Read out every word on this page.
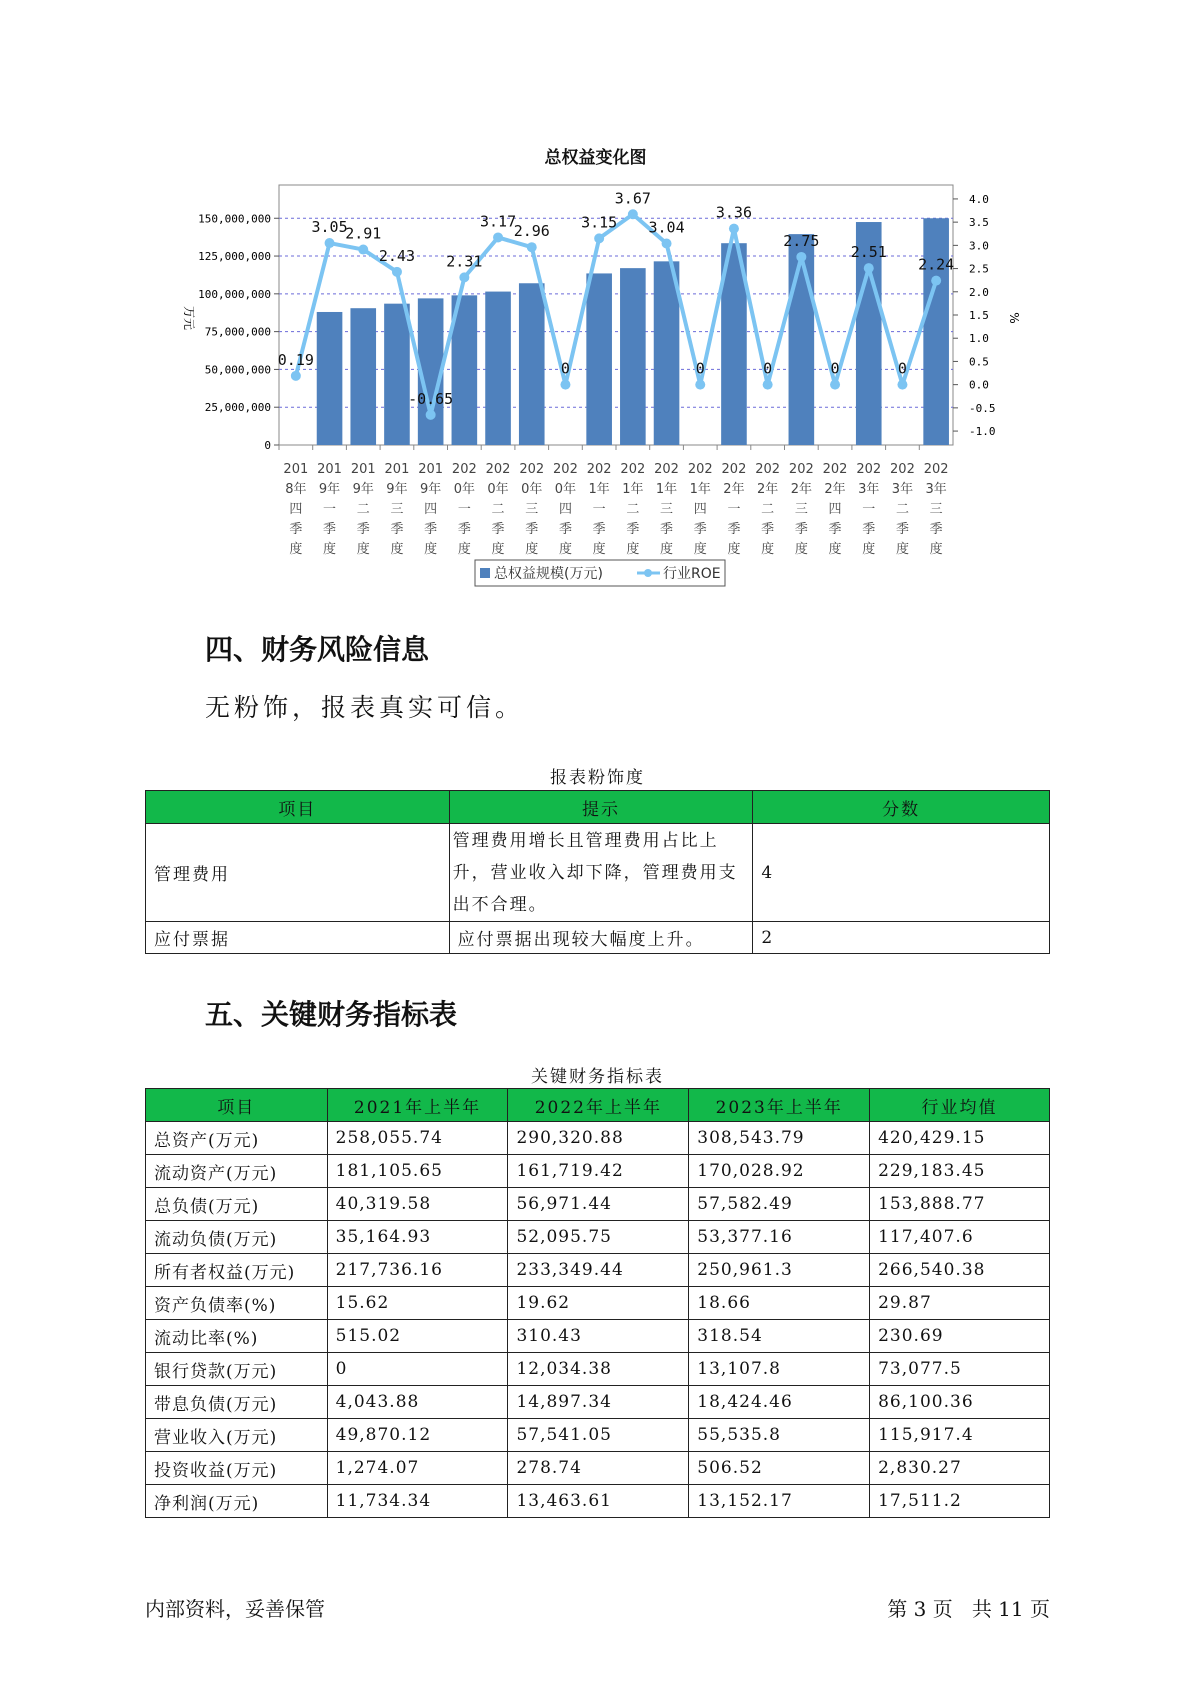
总权益变化图
0
25,000,000
50,000,000
75,000,000
100,000,000
125,000,000
150,000,000
-1.0
-0.5
0.0
0.5
1.0
1.5
2.0
2.5
3.0
3.5
4.0
万元	%
201 8年四季度
201 9年一季度
201 9年二季度
201 9年三季度
201 9年四季度
202 0年一季度
202 0年二季度
202 0年三季度
202 0年四季度
202 1年一季度
202 1年二季度
202 1年三季度
202 1年四季度
202 2年一季度
202 2年二季度
202 2年三季度
202 2年四季度
202 3年一季度
202 3年二季度
202 3年三季度
0.19
3.05
2.91
2.43
-0.65
2.31
3.17
2.96
0
3.15
3.67
3.04
0
3.36
0
2.75
0
2.51
0
2.24
总权益规模(万元)	行业ROE
四、财务风险信息
无粉饰，报表真实可信。
报表粉饰度
项目	提示	分数
管理费用	管理费用增长且管理费用占比上升，营业收入却下降，管理费用支出不合理。	4
应付票据	应付票据出现较大幅度上升。	2
五、关键财务指标表
关键财务指标表
项目	2021年上半年	2022年上半年	2023年上半年	行业均值
总资产(万元)	258,055.74	290,320.88	308,543.79	420,429.15
流动资产(万元)	181,105.65	161,719.42	170,028.92	229,183.45
总负债(万元)	40,319.58	56,971.44	57,582.49	153,888.77
流动负债(万元)	35,164.93	52,095.75	53,377.16	117,407.6
所有者权益(万元)	217,736.16	233,349.44	250,961.3	266,540.38
资产负债率(%)	15.62	19.62	18.66	29.87
流动比率(%)	515.02	310.43	318.54	230.69
银行贷款(万元)	0	12,034.38	13,107.8	73,077.5
带息负债(万元)	4,043.88	14,897.34	18,424.46	86,100.36
营业收入(万元)	49,870.12	57,541.05	55,535.8	115,917.4
投资收益(万元)	1,274.07	278.74	506.52	2,830.27
净利润(万元)	11,734.34	13,463.61	13,152.17	17,511.2
内部资料，妥善保管	第 3 页   共 11 页
